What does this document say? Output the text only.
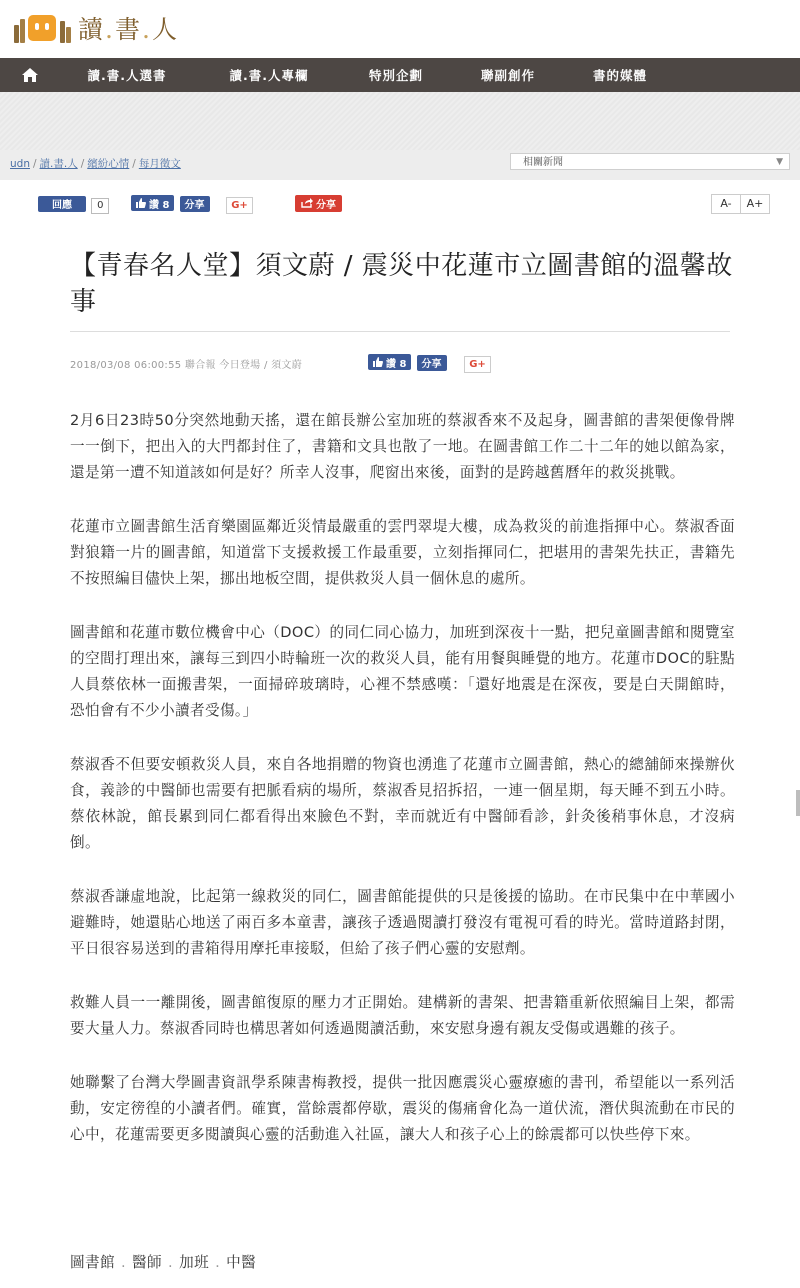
讀.書.人
讀.書.人選書	讀.書.人專欄	特別企劃	聯副創作	書的媒體
udn / 讀.書.人 / 繽紛心情 / 每月徵文	相關新聞	▼
回應	0	讚 8 分享	G+	分享	A- A+
【青春名人堂】須文蔚 / 震災中花蓮市立圖書館的溫馨故事
2018/03/08 06:00:55 聯合報 今日登場 / 須文蔚	讚 8 分享	G+

2月6日23時50分突然地動天搖，還在館長辦公室加班的蔡淑香來不及起身，圖書館的書架便像骨牌一一倒下，把出入的大門都封住了，書籍和文具也散了一地。在圖書館工作二十二年的她以館為家，還是第一遭不知道該如何是好？所幸人沒事，爬窗出來後，面對的是跨越舊曆年的救災挑戰。

花蓮市立圖書館生活育樂園區鄰近災情最嚴重的雲門翠堤大樓，成為救災的前進指揮中心。蔡淑香面對狼籍一片的圖書館，知道當下支援救援工作最重要，立刻指揮同仁，把堪用的書架先扶正，書籍先不按照編目儘快上架，挪出地板空間，提供救災人員一個休息的處所。

圖書館和花蓮市數位機會中心（DOC）的同仁同心協力，加班到深夜十一點，把兒童圖書館和閱覽室的空間打理出來，讓每三到四小時輪班一次的救災人員，能有用餐與睡覺的地方。花蓮市DOC的駐點人員蔡依林一面搬書架，一面掃碎玻璃時，心裡不禁感嘆：「還好地震是在深夜，要是白天開館時，恐怕會有不少小讀者受傷。」

蔡淑香不但要安頓救災人員，來自各地捐贈的物資也湧進了花蓮市立圖書館，熱心的總舖師來操辦伙食，義診的中醫師也需要有把脈看病的場所，蔡淑香見招拆招，一連一個星期，每天睡不到五小時。蔡依林說，館長累到同仁都看得出來臉色不對，幸而就近有中醫師看診，針灸後稍事休息，才沒病倒。

蔡淑香謙虛地說，比起第一線救災的同仁，圖書館能提供的只是後援的協助。在市民集中在中華國小避難時，她還貼心地送了兩百多本童書，讓孩子透過閱讀打發沒有電視可看的時光。當時道路封閉，平日很容易送到的書箱得用摩托車接駁，但給了孩子們心靈的安慰劑。

救難人員一一離開後，圖書館復原的壓力才正開始。建構新的書架、把書籍重新依照編目上架，都需要大量人力。蔡淑香同時也構思著如何透過閱讀活動，來安慰身邊有親友受傷或遇難的孩子。

她聯繫了台灣大學圖書資訊學系陳書梅教授，提供一批因應震災心靈療癒的書刊，希望能以一系列活動，安定徬徨的小讀者們。確實，當餘震都停歇，震災的傷痛會化為一道伏流，潛伏與流動在市民的心中，花蓮需要更多閱讀與心靈的活動進入社區，讓大人和孩子心上的餘震都可以快些停下來。

圖書館 . 醫師 . 加班 . 中醫
